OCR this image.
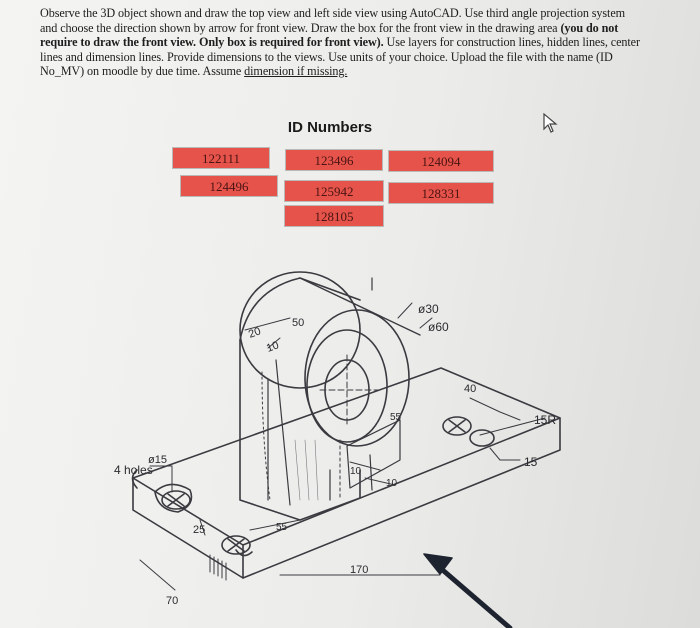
Observe the 3D object shown and draw the top view and left side view using AutoCAD. Use third angle projection system and choose the direction shown by arrow for front view. Draw the box for the front view in the drawing area (you do not require to draw the front view. Only box is required for front view). Use layers for construction lines, hidden lines, center lines and dimension lines. Provide dimensions to the views. Use units of your choice. Upload the file with the name (ID No_MV) on moodle by due time. Assume dimension if missing.
ID Numbers
122111	123496	124094
124496	125942	128331
128105
50
20
10
ø30
ø60
40
15R
15
55
10
10
ø15
4 holes
25	55
170
70
